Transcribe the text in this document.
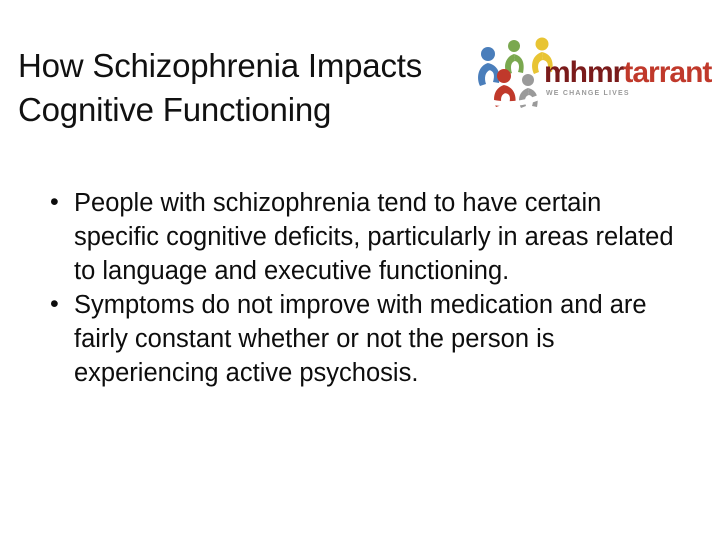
How Schizophrenia Impacts Cognitive Functioning
mhmrtarrant
WE CHANGE LIVES
• People with schizophrenia tend to have certain specific cognitive deficits, particularly in areas related to language and executive functioning.
• Symptoms do not improve with medication and are fairly constant whether or not the person is experiencing active psychosis.
